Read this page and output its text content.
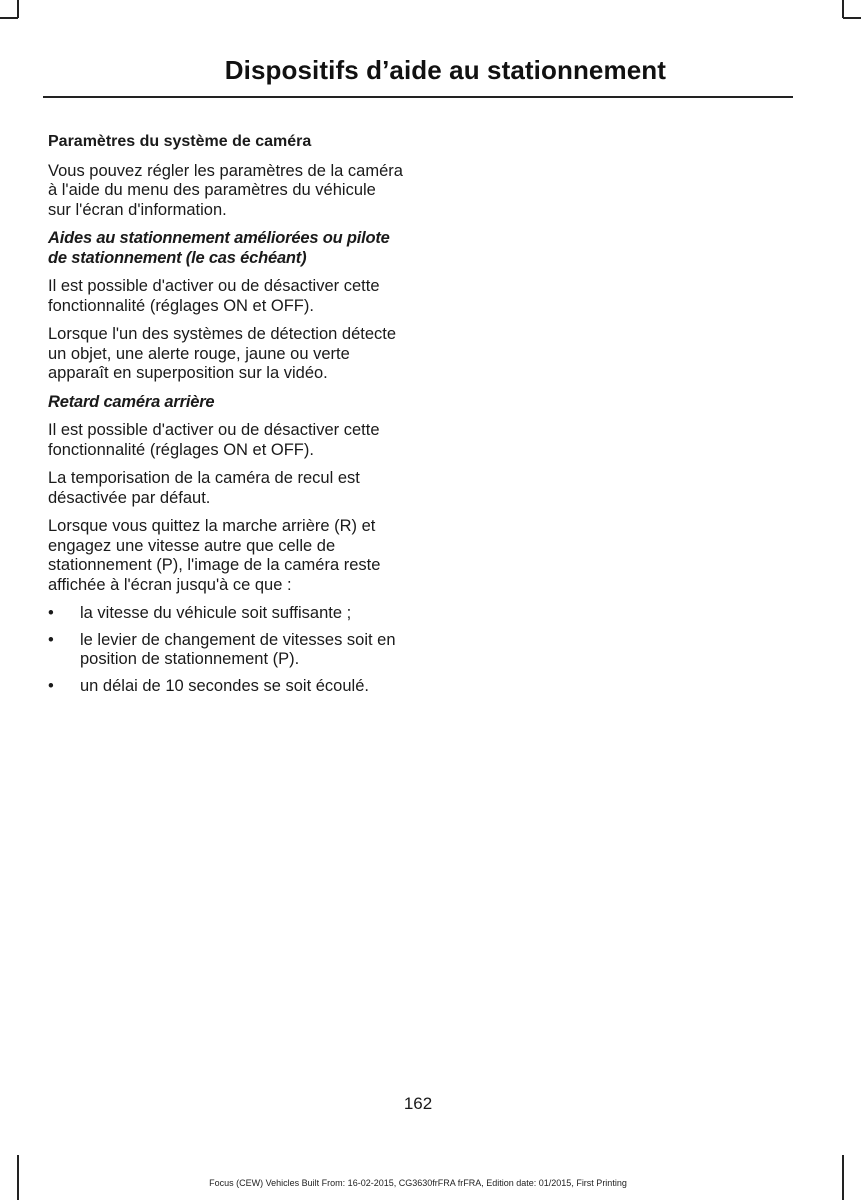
Dispositifs d’aide au stationnement
Paramètres du système de caméra

Vous pouvez régler les paramètres de la caméra à l'aide du menu des paramètres du véhicule sur l'écran d'information.

Aides au stationnement améliorées ou pilote de stationnement (le cas échéant)

Il est possible d'activer ou de désactiver cette fonctionnalité (réglages ON et OFF).

Lorsque l'un des systèmes de détection détecte un objet, une alerte rouge, jaune ou verte apparaît en superposition sur la vidéo.

Retard caméra arrière

Il est possible d'activer ou de désactiver cette fonctionnalité (réglages ON et OFF).

La temporisation de la caméra de recul est désactivée par défaut.

Lorsque vous quittez la marche arrière (R) et engagez une vitesse autre que celle de stationnement (P), l'image de la caméra reste affichée à l'écran jusqu'à ce que :

• la vitesse du véhicule soit suffisante ;
• le levier de changement de vitesses soit en position de stationnement (P).
• un délai de 10 secondes se soit écoulé.
162
Focus (CEW) Vehicles Built From: 16-02-2015, CG3630frFRA frFRA, Edition date: 01/2015, First Printing
